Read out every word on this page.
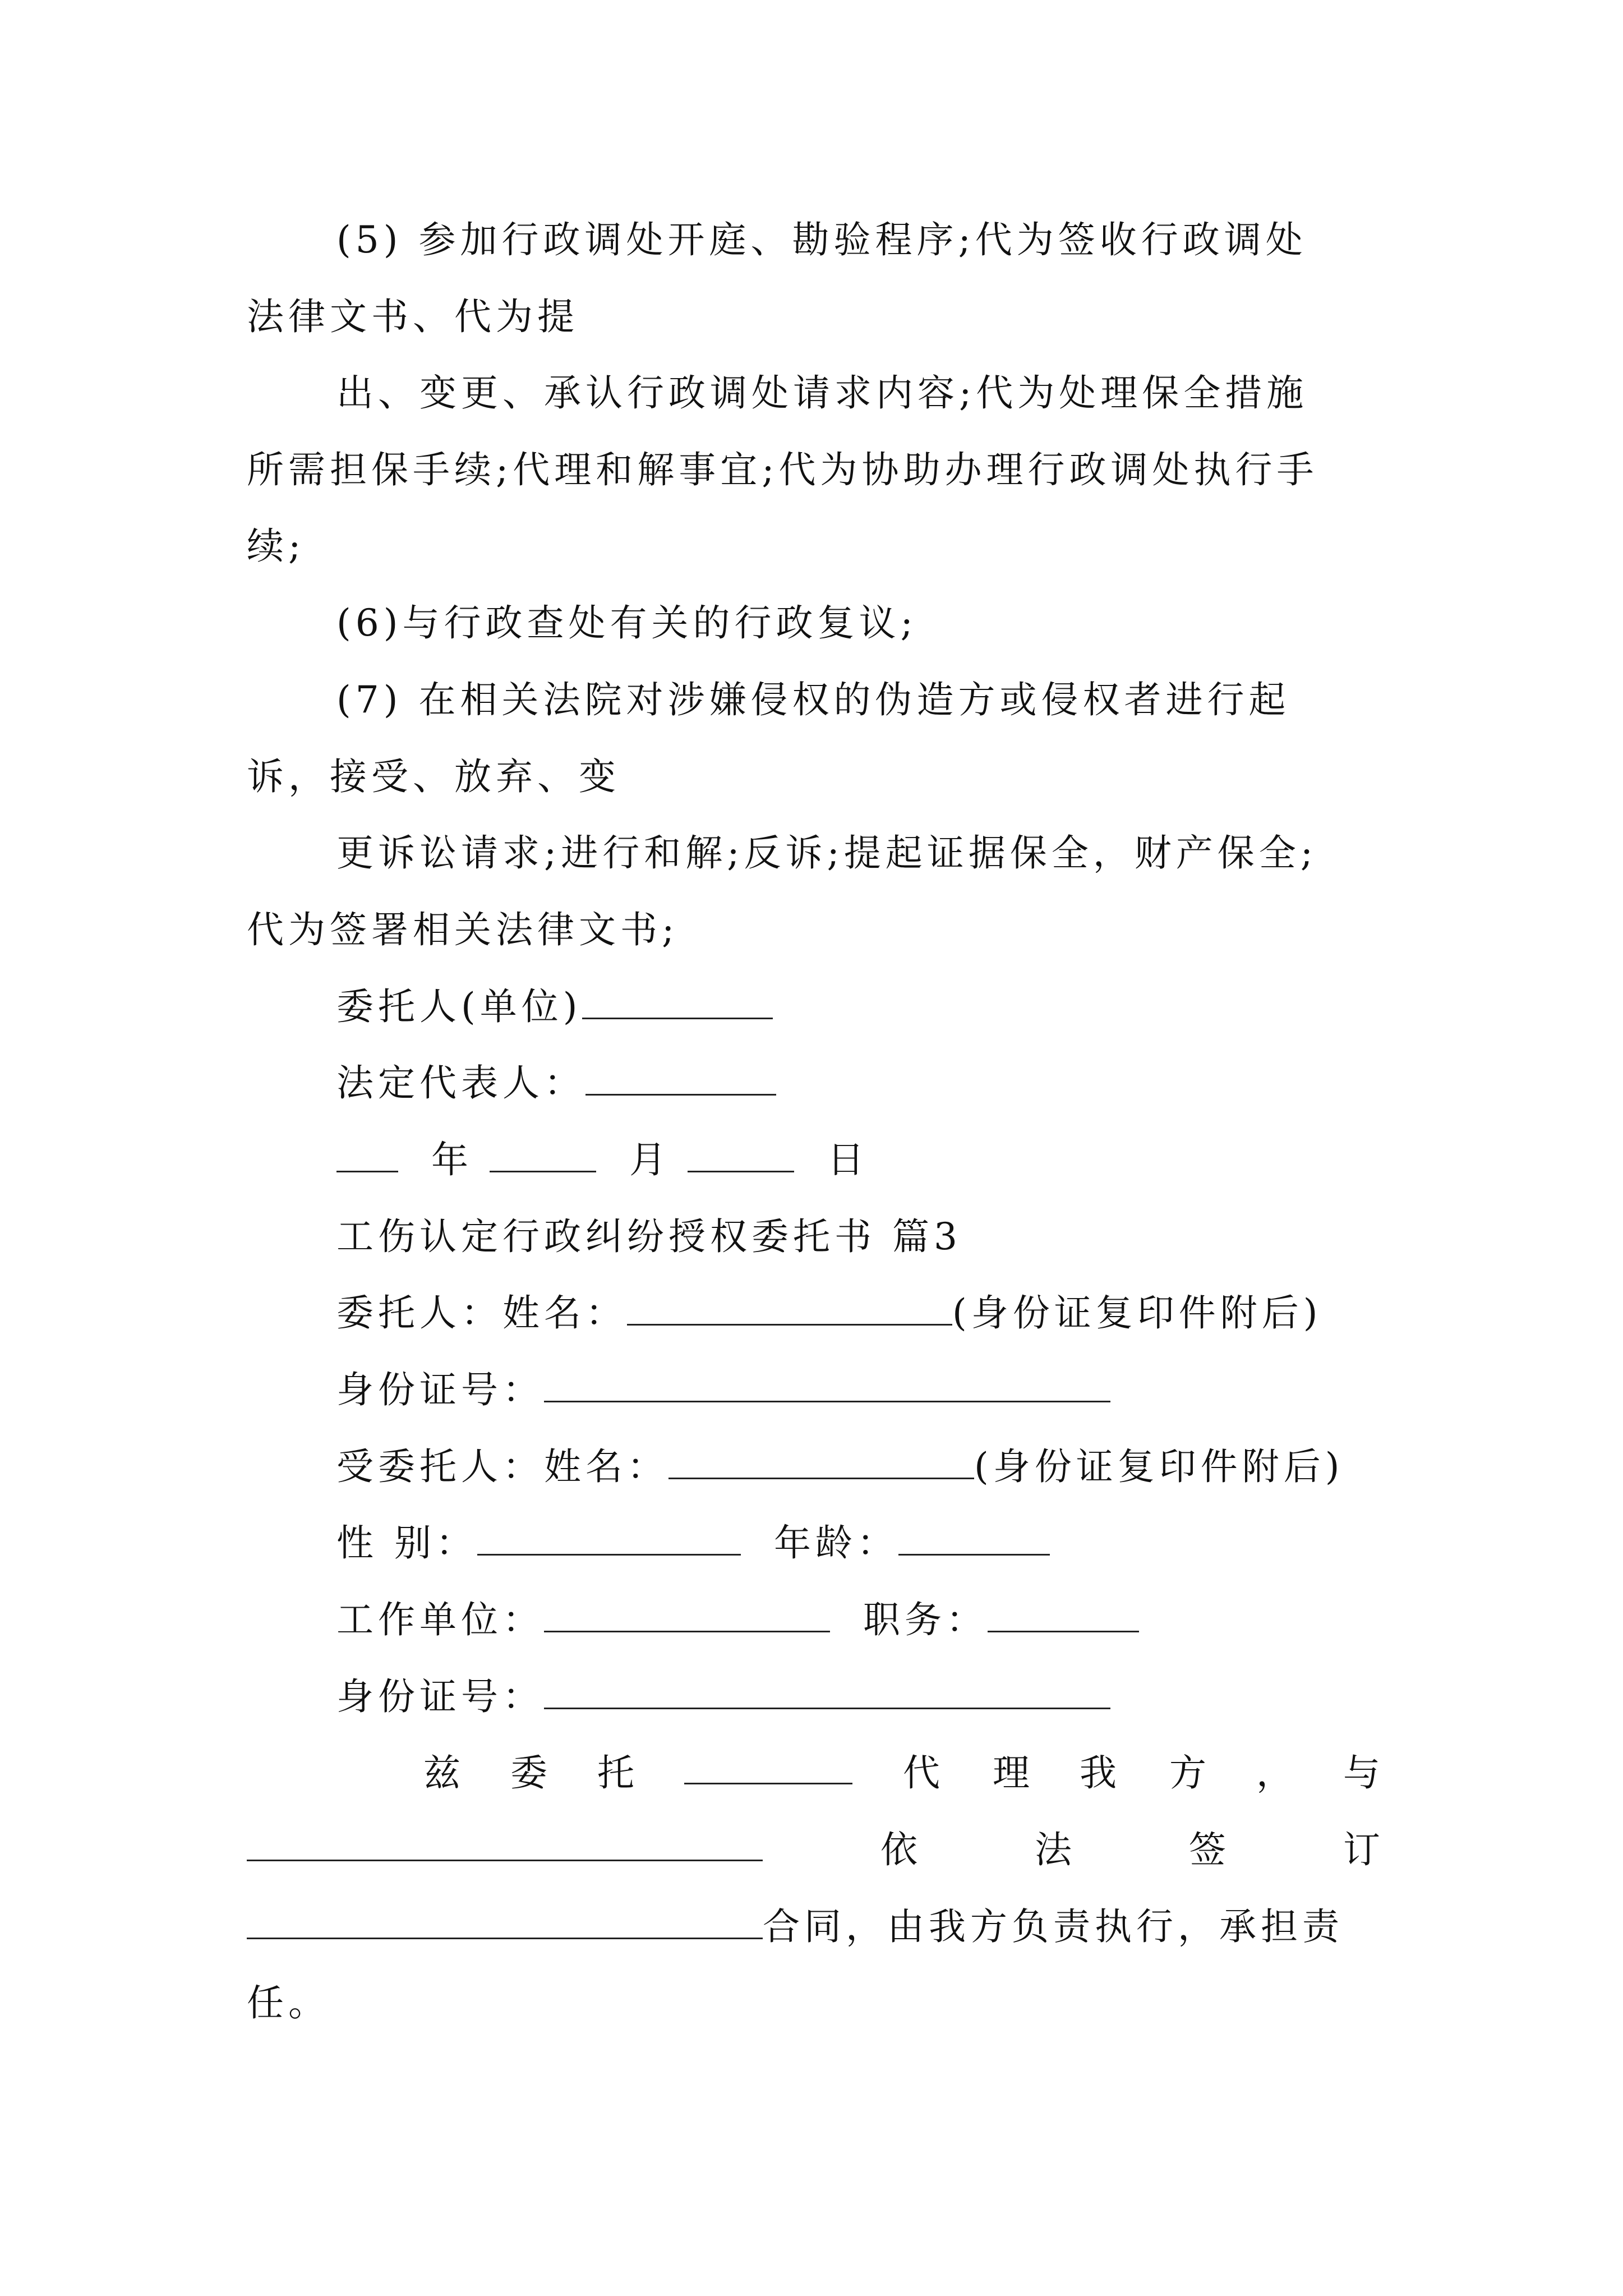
(5) 参加行政调处开庭、勘验程序;代为签收行政调处
法律文书、代为提
出、变更、承认行政调处请求内容;代为处理保全措施
所需担保手续;代理和解事宜;代为协助办理行政调处执行手
续;
(6)与行政查处有关的行政复议;
(7) 在相关法院对涉嫌侵权的伪造方或侵权者进行起
诉，接受、放弃、变
更诉讼请求;进行和解;反诉;提起证据保全，财产保全;
代为签署相关法律文书;
委托人(单位)
法定代表人：
年	月	日
工伤认定行政纠纷授权委托书 篇3
委托人：姓名：	(身份证复印件附后)
身份证号：
受委托人：姓名：	(身份证复印件附后)
性 别：	年龄：
工作单位：	职务：
身份证号：
兹 委 托	代 理 我 方 ， 与
依	法	签	订
合同，由我方负责执行，承担责
任。
